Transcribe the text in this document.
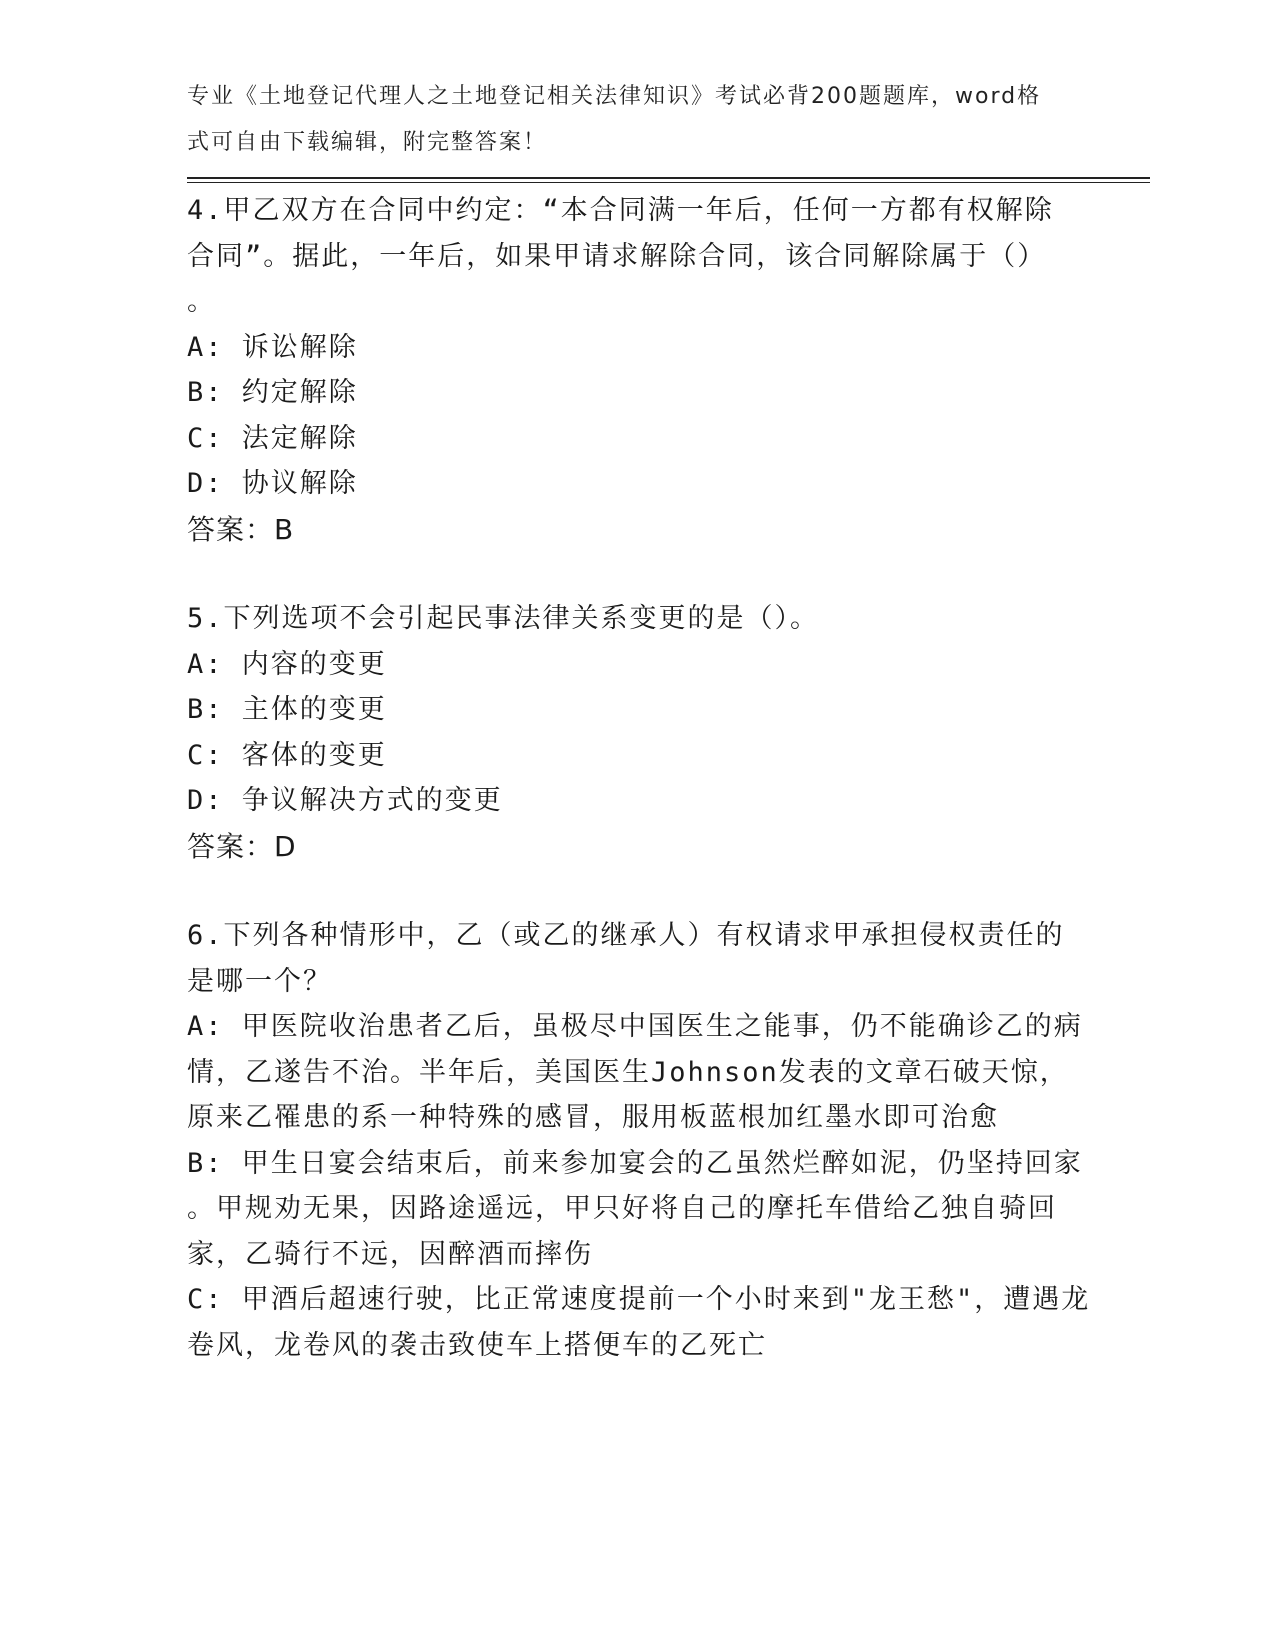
专业《土地登记代理人之土地登记相关法律知识》考试必背200题题库，word格
式可自由下载编辑，附完整答案！
4.甲乙双方在合同中约定：“本合同满一年后，任何一方都有权解除
合同”。据此，一年后，如果甲请求解除合同，该合同解除属于（）
。
A: 诉讼解除
B: 约定解除
C: 法定解除
D: 协议解除
答案：B
5.下列选项不会引起民事法律关系变更的是（）。
A: 内容的变更
B: 主体的变更
C: 客体的变更
D: 争议解决方式的变更
答案：D
6.下列各种情形中，乙（或乙的继承人）有权请求甲承担侵权责任的
是哪一个？
A: 甲医院收治患者乙后，虽极尽中国医生之能事，仍不能确诊乙的病
情，乙遂告不治。半年后，美国医生Johnson发表的文章石破天惊，
原来乙罹患的系一种特殊的感冒，服用板蓝根加红墨水即可治愈
B: 甲生日宴会结束后，前来参加宴会的乙虽然烂醉如泥，仍坚持回家
。甲规劝无果，因路途遥远，甲只好将自己的摩托车借给乙独自骑回
家，乙骑行不远，因醉酒而摔伤
C: 甲酒后超速行驶，比正常速度提前一个小时来到"龙王愁"，遭遇龙
卷风，龙卷风的袭击致使车上搭便车的乙死亡
